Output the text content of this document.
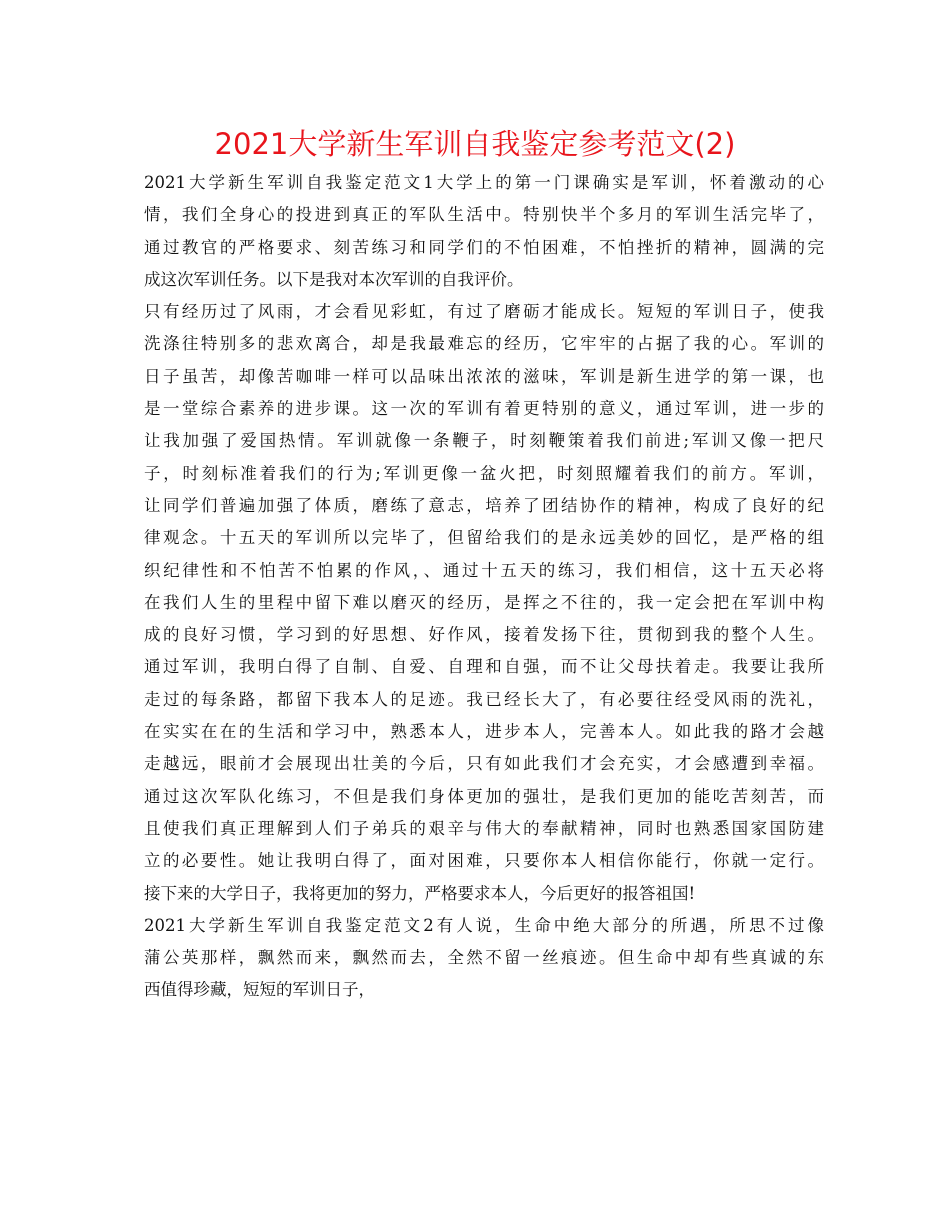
2021大学新生军训自我鉴定参考范文(2)
2021大学新生军训自我鉴定范文1大学上的第一门课确实是军训，怀着激动的心
情，我们全身心的投进到真正的军队生活中。特别快半个多月的军训生活完毕了，
通过教官的严格要求、刻苦练习和同学们的不怕困难，不怕挫折的精神，圆满的完
成这次军训任务。以下是我对本次军训的自我评价。
只有经历过了风雨，才会看见彩虹，有过了磨砺才能成长。短短的军训日子，使我
洗涤往特别多的悲欢离合，却是我最难忘的经历，它牢牢的占据了我的心。军训的
日子虽苦，却像苦咖啡一样可以品味出浓浓的滋味，军训是新生进学的第一课，也
是一堂综合素养的进步课。这一次的军训有着更特别的意义，通过军训，进一步的
让我加强了爱国热情。军训就像一条鞭子，时刻鞭策着我们前进;军训又像一把尺
子，时刻标准着我们的行为;军训更像一盆火把，时刻照耀着我们的前方。军训，
让同学们普遍加强了体质，磨练了意志，培养了团结协作的精神，构成了良好的纪
律观念。十五天的军训所以完毕了，但留给我们的是永远美妙的回忆，是严格的组
织纪律性和不怕苦不怕累的作风，、通过十五天的练习，我们相信，这十五天必将
在我们人生的里程中留下难以磨灭的经历，是挥之不往的，我一定会把在军训中构
成的良好习惯，学习到的好思想、好作风，接着发扬下往，贯彻到我的整个人生。
通过军训，我明白得了自制、自爱、自理和自强，而不让父母扶着走。我要让我所
走过的每条路，都留下我本人的足迹。我已经长大了，有必要往经受风雨的洗礼，
在实实在在的生活和学习中，熟悉本人，进步本人，完善本人。如此我的路才会越
走越远，眼前才会展现出壮美的今后，只有如此我们才会充实，才会感遭到幸福。
通过这次军队化练习，不但是我们身体更加的强壮，是我们更加的能吃苦刻苦，而
且使我们真正理解到人们子弟兵的艰辛与伟大的奉献精神，同时也熟悉国家国防建
立的必要性。她让我明白得了，面对困难，只要你本人相信你能行，你就一定行。
接下来的大学日子，我将更加的努力，严格要求本人，今后更好的报答祖国!
2021大学新生军训自我鉴定范文2有人说，生命中绝大部分的所遇，所思不过像
蒲公英那样，飘然而来，飘然而去，全然不留一丝痕迹。但生命中却有些真诚的东
西值得珍藏，短短的军训日子，
